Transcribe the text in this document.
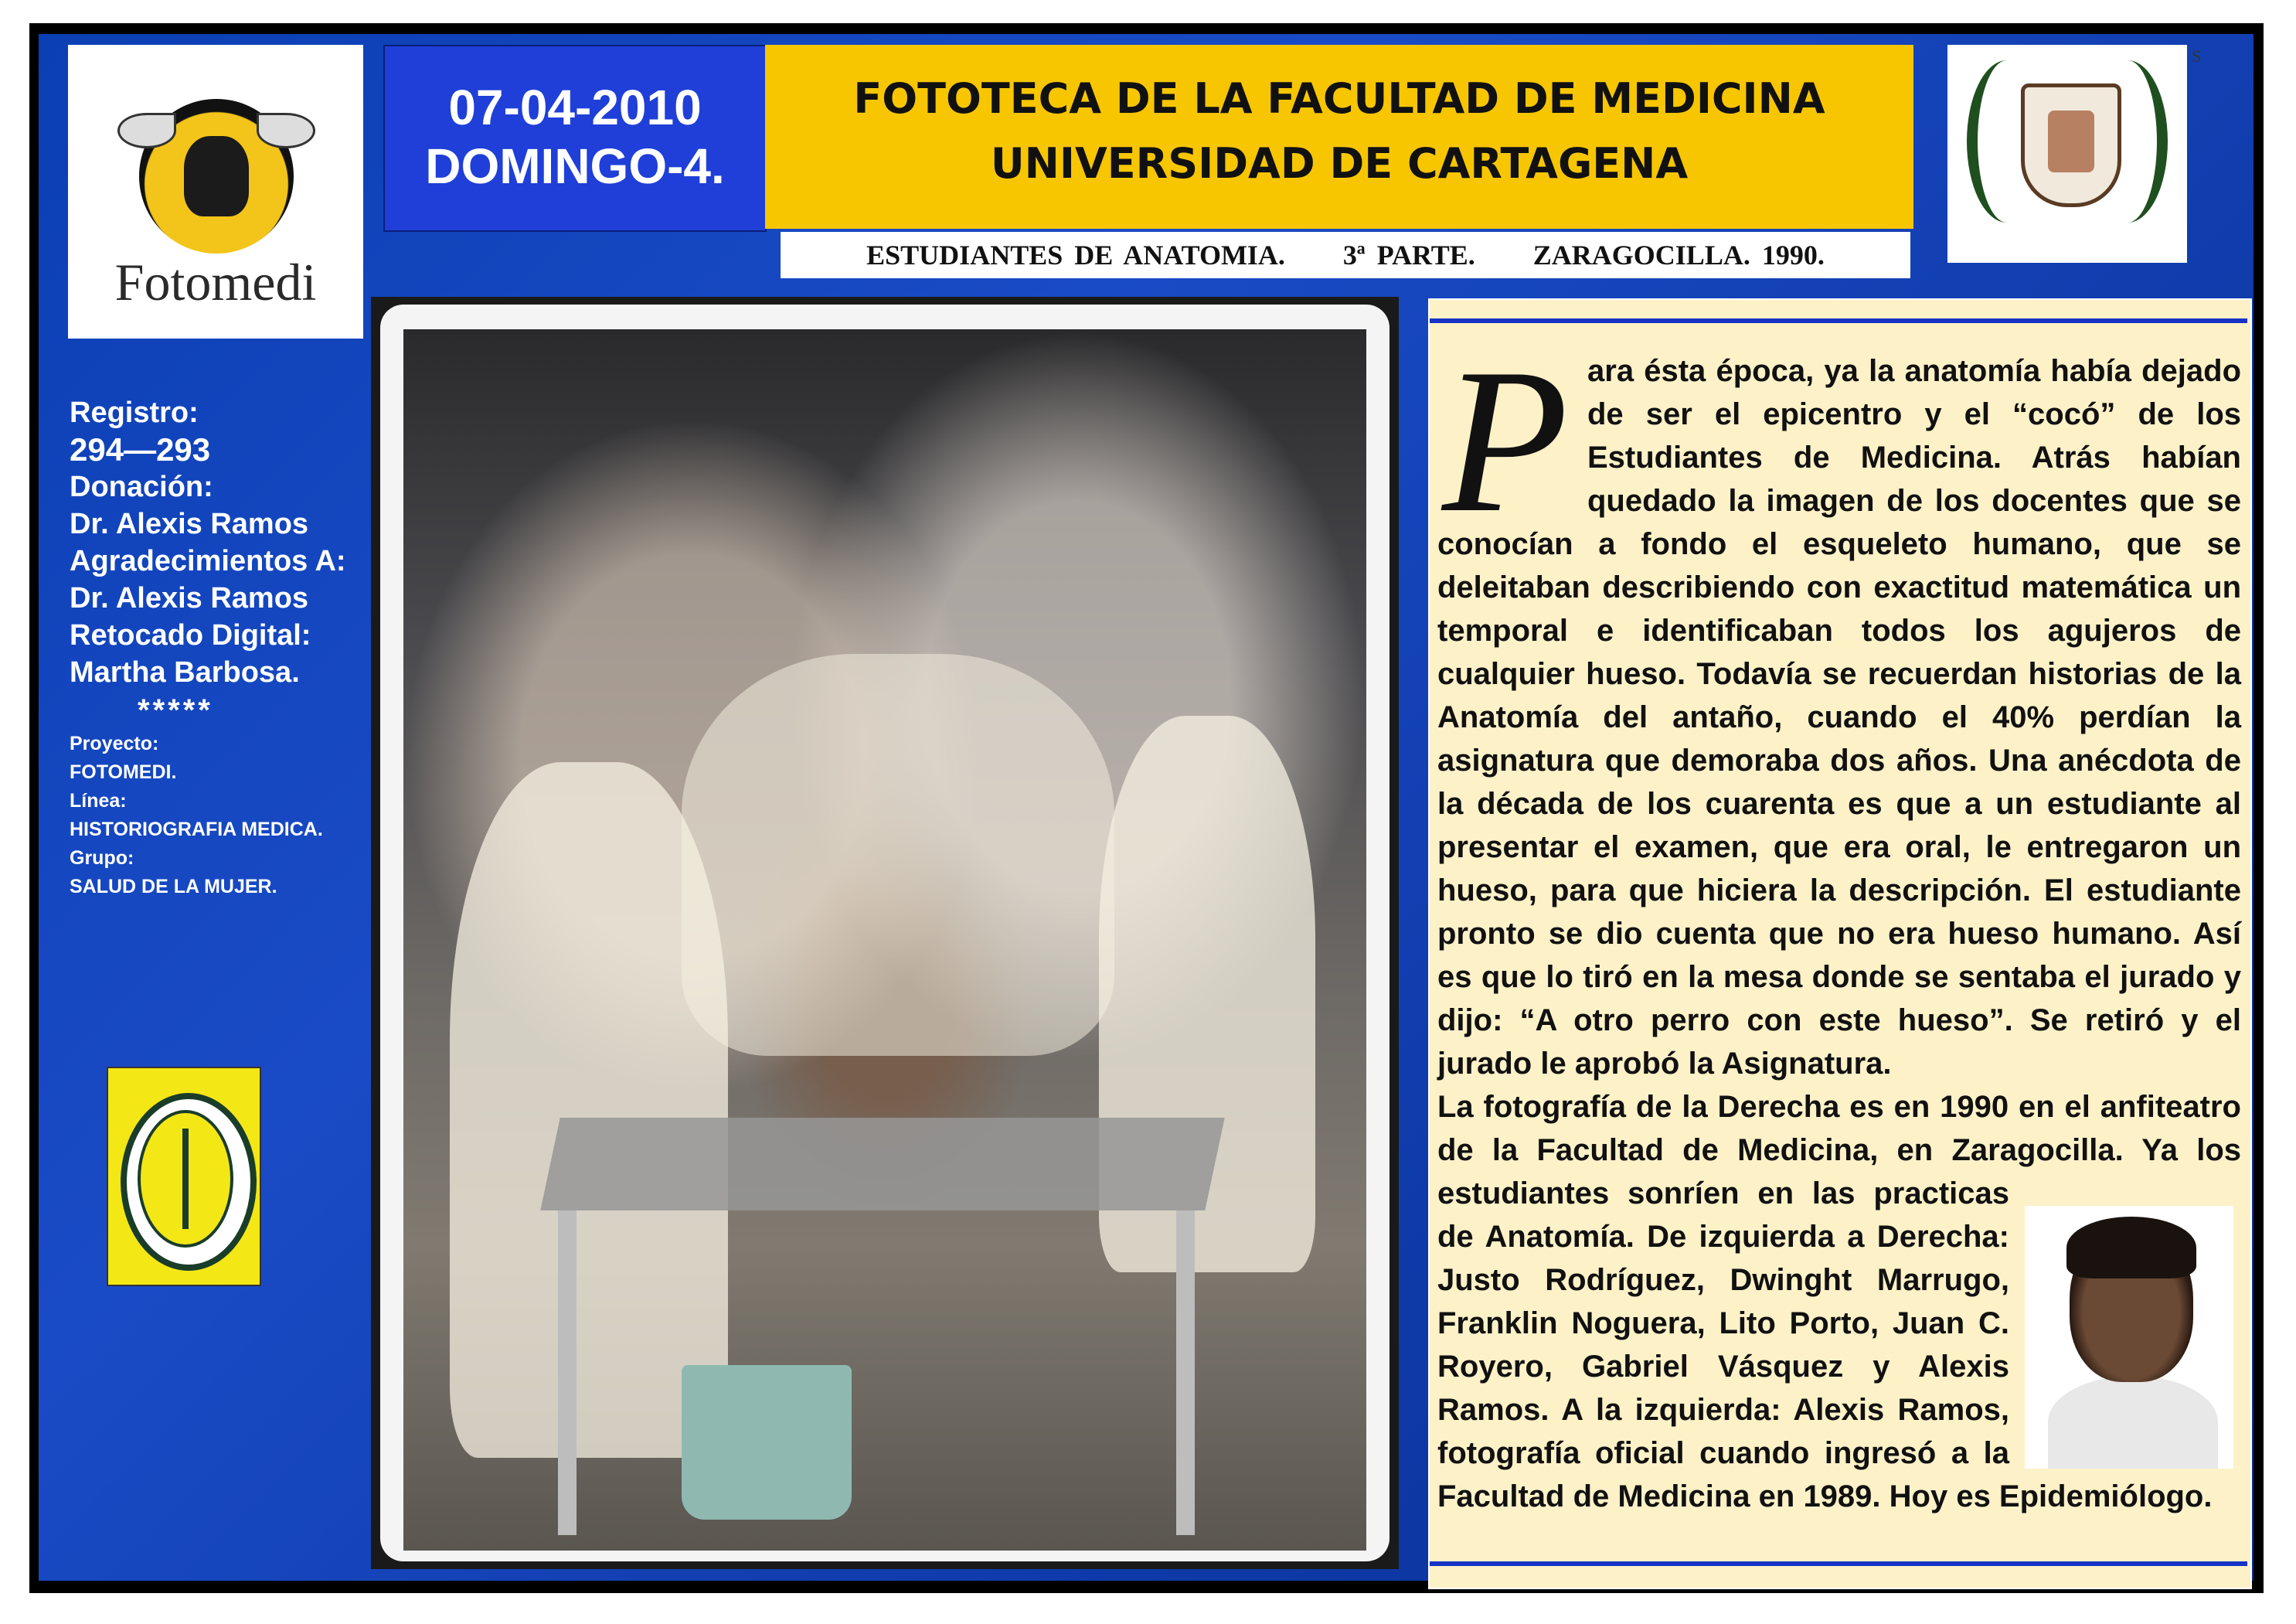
Fotomedi
07-04-2010
DOMINGO-4.
FOTOTECA DE LA FACULTAD DE MEDICINA
UNIVERSIDAD DE CARTAGENA
ESTUDIANTES DE ANATOMIA.     3ª PARTE.     ZARAGOCILLA. 1990.
S
Registro:
294—293
Donación:
Dr. Alexis Ramos
Agradecimientos A:
Dr. Alexis Ramos
Retocado Digital:
Martha Barbosa.
*****
Proyecto:
FOTOMEDI.
Línea:
HISTORIOGRAFIA MEDICA.
Grupo:
SALUD DE LA MUJER.
P ara ésta época, ya la anatomía había dejado
de ser el epicentro y el “cocó” de los
Estudiantes de Medicina. Atrás habían
quedado la imagen de los docentes que se
conocían a fondo el esqueleto humano, que se
deleitaban describiendo con exactitud matemática un
temporal e identificaban todos los agujeros de
cualquier hueso. Todavía se recuerdan historias de la
Anatomía del antaño, cuando el 40% perdían la
asignatura que demoraba dos años. Una anécdota de
la década de los cuarenta es que a un estudiante al
presentar el examen, que era oral, le entregaron un
hueso, para que hiciera la descripción. El estudiante
pronto se dio cuenta que no era hueso humano. Así
es que lo tiró en la mesa donde se sentaba el jurado y
dijo: “A otro perro con este hueso”. Se retiró y el
jurado le aprobó la Asignatura.
La fotografía de la Derecha es en 1990 en el anfiteatro
de la Facultad de Medicina, en Zaragocilla. Ya los
estudiantes sonríen en las practicas
de Anatomía. De izquierda a Derecha:
Justo Rodríguez, Dwinght Marrugo,
Franklin Noguera, Lito Porto, Juan C.
Royero, Gabriel Vásquez y Alexis
Ramos. A la izquierda: Alexis Ramos,
fotografía oficial cuando ingresó a la
Facultad de Medicina en 1989. Hoy es Epidemiólogo.
